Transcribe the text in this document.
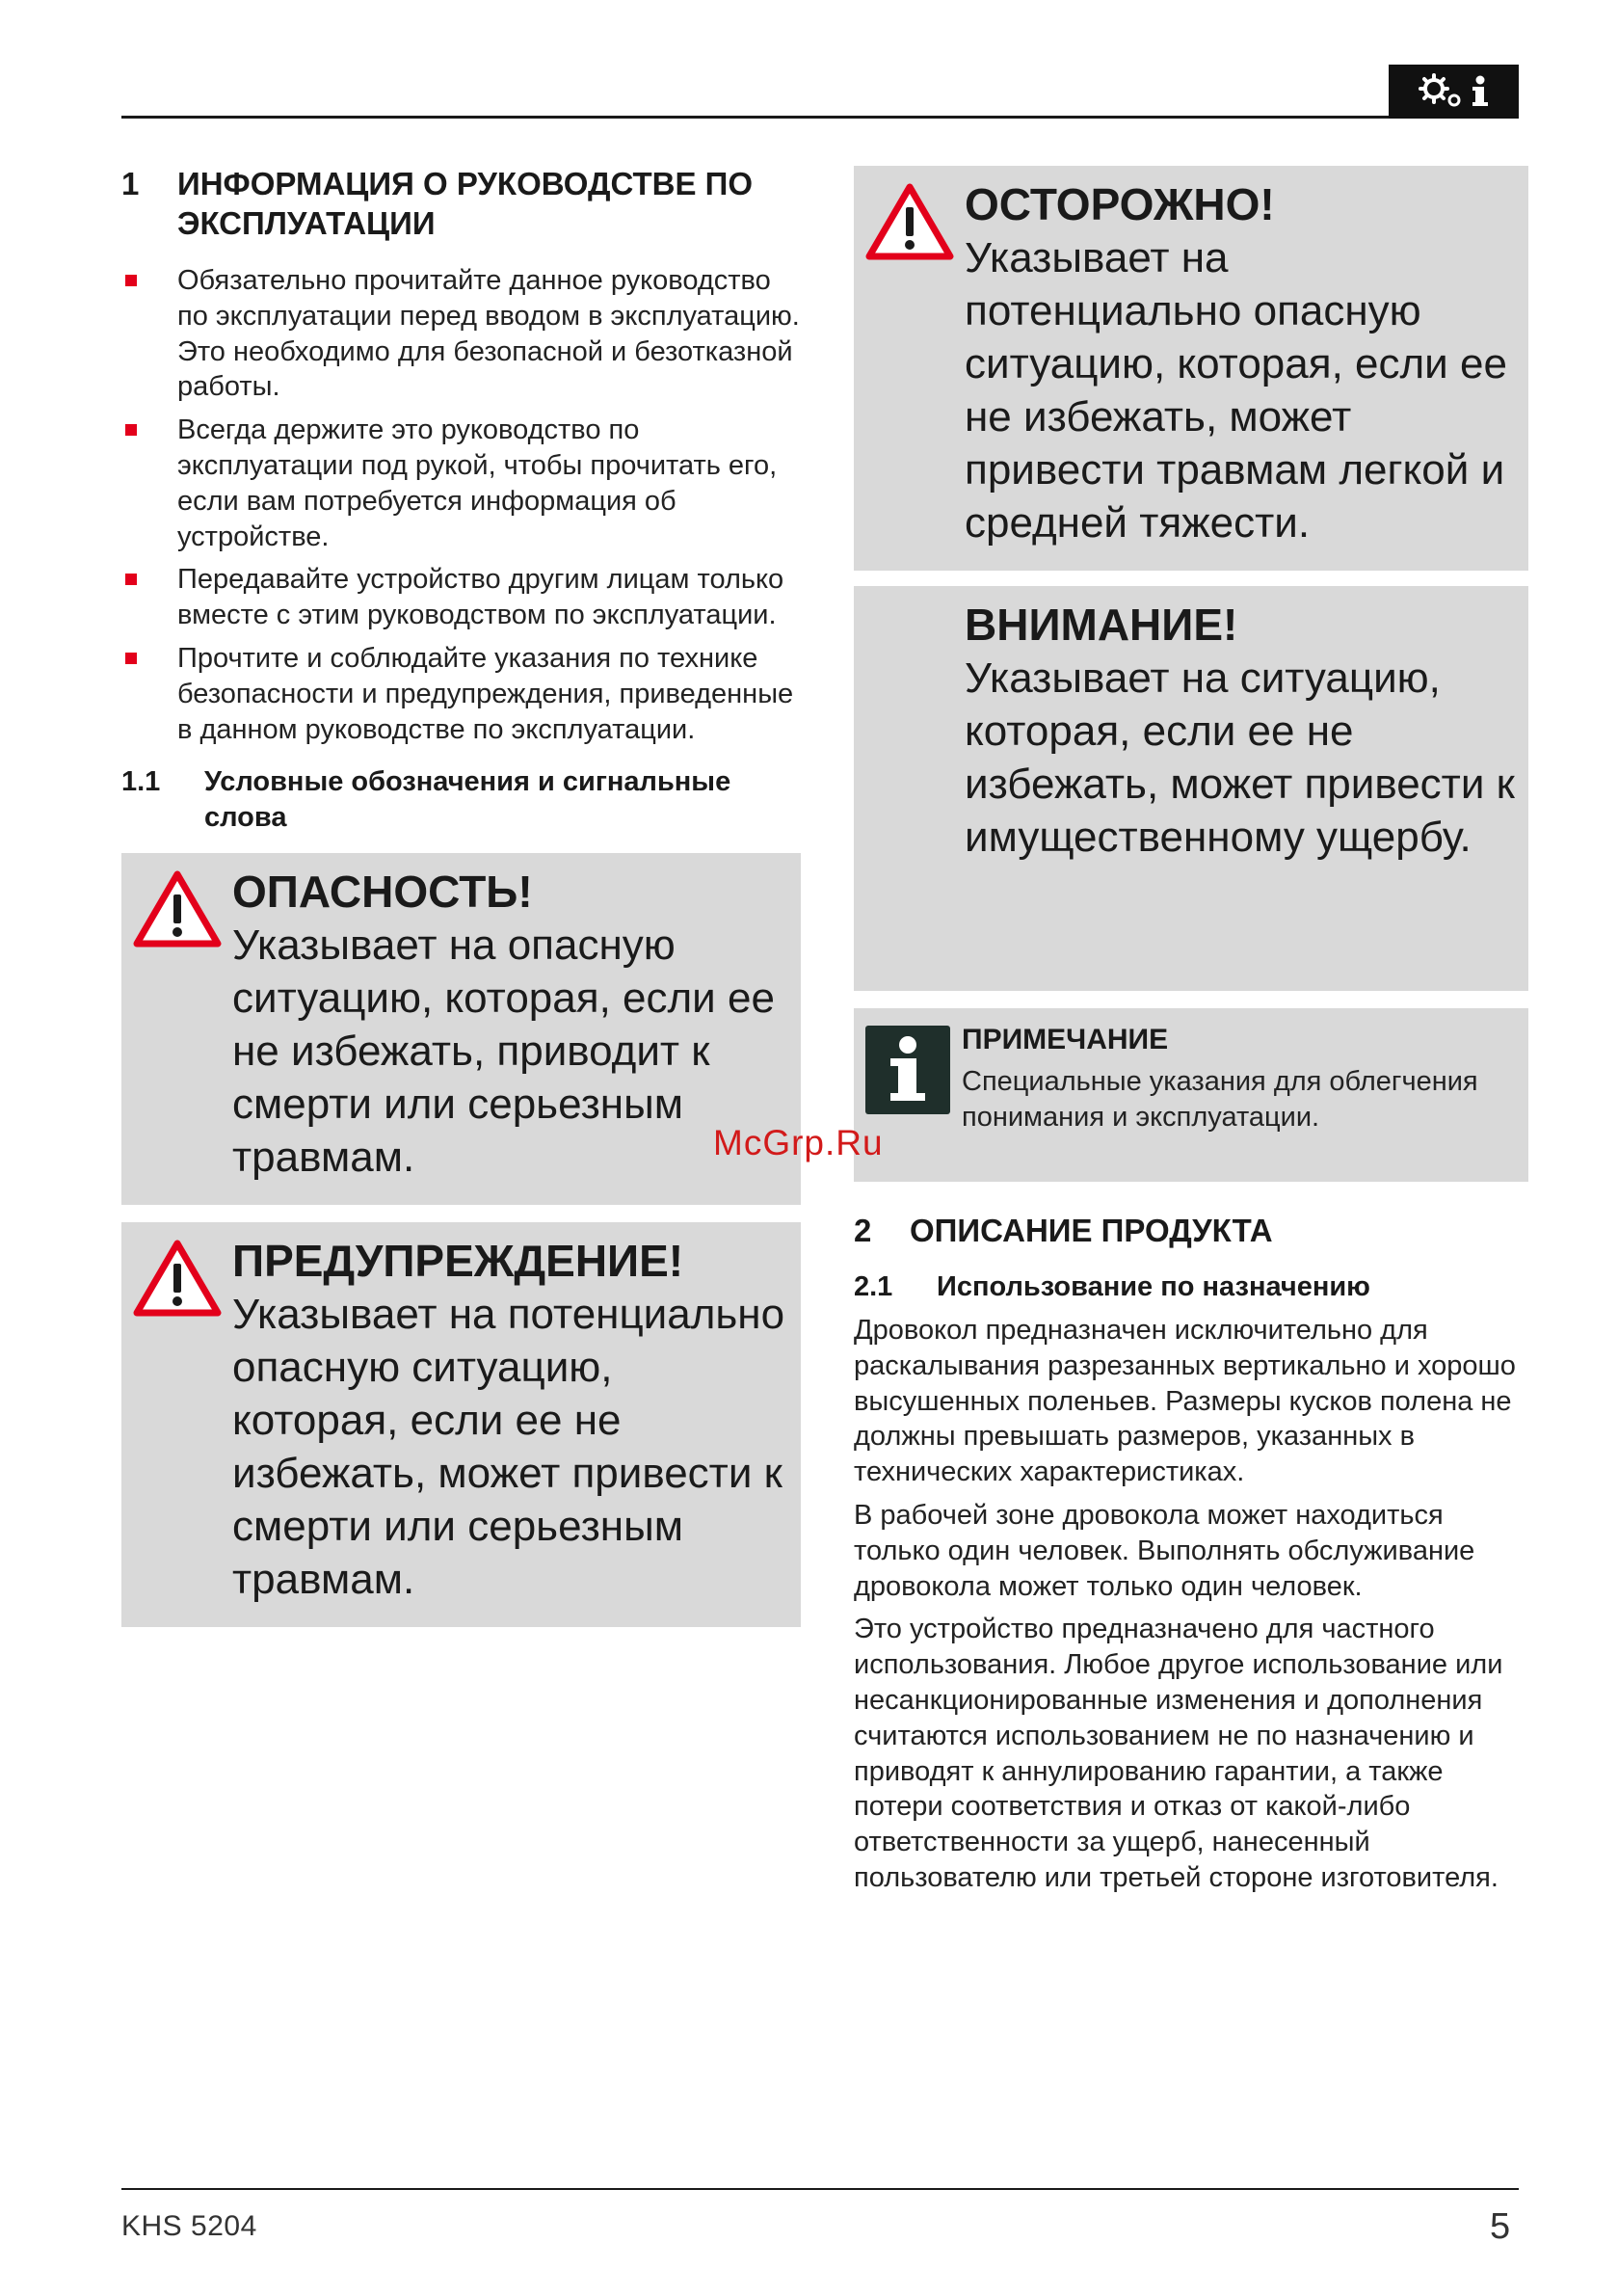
1	ИНФОРМАЦИЯ О РУКОВОДСТВЕ ПО ЭКСПЛУАТАЦИИ
Обязательно прочитайте данное руководство по эксплуатации перед вводом в эксплуатацию. Это необходимо для безопасной и безотказной работы.
Всегда держите это руководство по эксплуатации под рукой, чтобы прочитать его, если вам потребуется информация об устройстве.
Передавайте устройство другим лицам только вместе с этим руководством по эксплуатации.
Прочтите и соблюдайте указания по технике безопасности и предупреждения, приведенные в данном руководстве по эксплуатации.
1.1	Условные обозначения и сигнальные слова
ОПАСНОСТЬ!
Указывает на опасную ситуацию, которая, если ее не избежать, приводит к смерти или серьезным травмам.
ПРЕДУПРЕЖДЕНИЕ!
Указывает на потенциально опасную ситуацию, которая, если ее не избежать, может привести к смерти или серьезным травмам.
ОСТОРОЖНО!
Указывает на потенциально опасную ситуацию, которая, если ее не избежать, может привести травмам легкой и средней тяжести.
ВНИМАНИЕ!
Указывает на ситуацию, которая, если ее не избежать, может привести к имущественному ущербу.
ПРИМЕЧАНИЕ
Специальные указания для облегчения понимания и эксплуатации.
2	ОПИСАНИЕ ПРОДУКТА
2.1	Использование по назначению

Дровокол предназначен исключительно для раскалывания разрезанных вертикально и хорошо высушенных поленьев. Размеры кусков полена не должны превышать размеров, указанных в технических характеристиках.

В рабочей зоне дровокола может находиться только один человек. Выполнять обслуживание дровокола может только один человек.

Это устройство предназначено для частного использования. Любое другое использование или несанкционированные изменения и дополнения считаются использованием не по назначению и приводят к аннулированию гарантии, а также потери соответствия и отказ от какой-либо ответственности за ущерб, нанесенный пользователю или третьей стороне изготовителя.

McGrp.Ru
KHS 5204	5
